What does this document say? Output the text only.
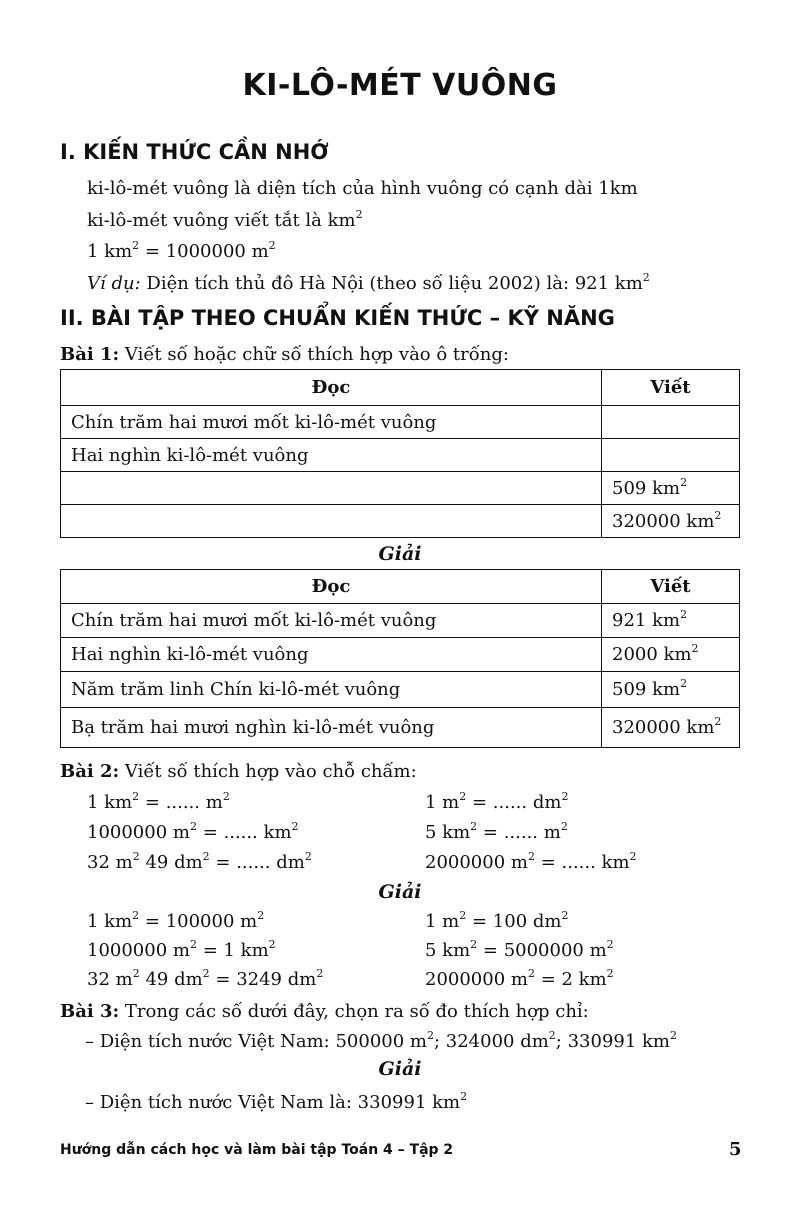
KI-LÔ-MÉT VUÔNG
I. KIẾN THỨC CẦN NHỚ
ki-lô-mét vuông là diện tích của hình vuông có cạnh dài 1km
ki-lô-mét vuông viết tắt là $km^2$
1 $km^2 = 1000000$ $m^2$
Ví dụ: Diện tích thủ đô Hà Nội (theo số liệu 2002) là: 921 $km^2$
II. BÀI TẬP THEO CHUẨN KIẾN THỨC – KỸ NĂNG
Bài 1: Viết số hoặc chữ số thích hợp vào ô trống:
Đọc	Viết
Chín trăm hai mươi mốt ki-lô-mét vuông	
Hai nghìn ki-lô-mét vuông	
	509 $km^2$
	320000 $km^2$
Giải
Đọc	Viết
Chín trăm hai mươi mốt ki-lô-mét vuông	921 $km^2$
Hai nghìn ki-lô-mét vuông	2000 $km^2$
Năm trăm linh Chín ki-lô-mét vuông	509 $km^2$
Bạ trăm hai mươi nghìn ki-lô-mét vuông	320000 $km^2$
Bài 2: Viết số thích hợp vào chỗ chấm:
1 $km^2$ = ...... $m^2$	1 $m^2$ = ...... $dm^2$
1000000 $m^2$ = ...... $km^2$	5 $km^2$ = ...... $m^2$
32 $m^2$ 49 $dm^2$ = ...... $dm^2$	2000000 $m^2$ = ...... $km^2$
Giải
1 $km^2 = 100000$ $m^2$	1 $m^2 = 100$ $dm^2$
1000000 $m^2 = 1$ $km^2$	5 $km^2 = 5000000$ $m^2$
32 $m^2$ 49 $dm^2 = 3249$ $dm^2$	2000000 $m^2 = 2$ $km^2$
Bài 3: Trong các số dưới đây, chọn ra số đo thích hợp chỉ:
– Diện tích nước Việt Nam: 500000 $m^2$; 324000 $dm^2$; 330991 $km^2$
Giải
– Diện tích nước Việt Nam là: 330991 $km^2$
Hướng dẫn cách học và làm bài tập Toán 4 – Tập 2	5
